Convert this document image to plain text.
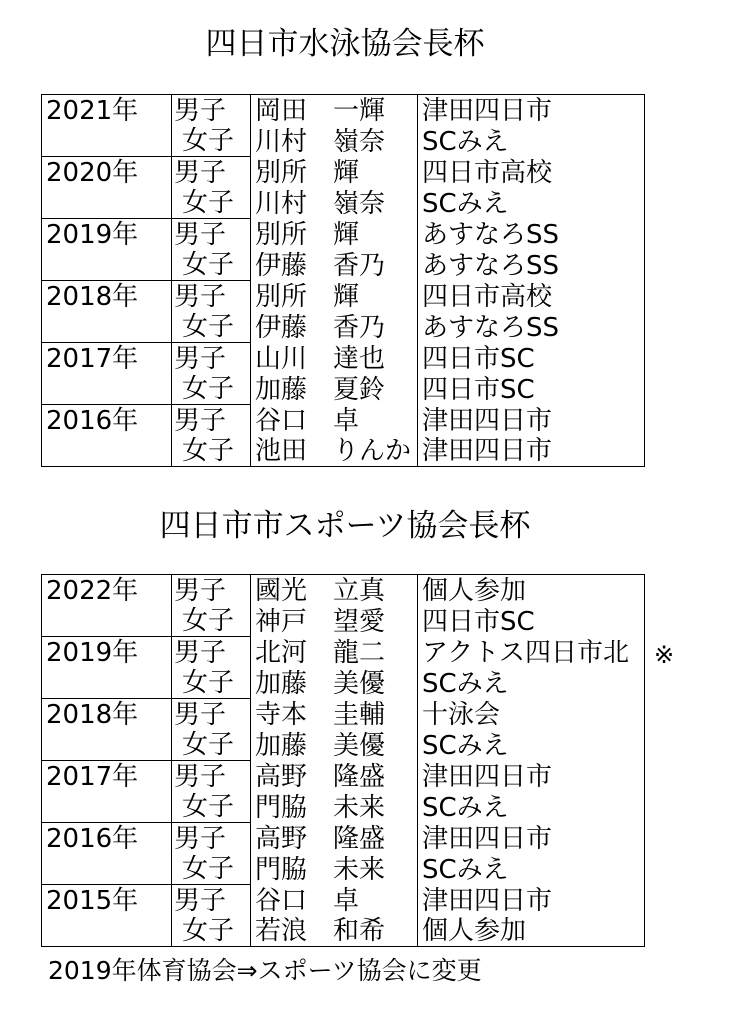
四日市水泳協会長杯
2021年	男子	岡田　一輝	津田四日市
	女子	川村　嶺奈	SCみえ
2020年	男子	別所　輝	四日市高校
	女子	川村　嶺奈	SCみえ
2019年	男子	別所　輝	あすなろSS
	女子	伊藤　香乃	あすなろSS
2018年	男子	別所　輝	四日市高校
	女子	伊藤　香乃	あすなろSS
2017年	男子	山川　達也	四日市SC
	女子	加藤　夏鈴	四日市SC
2016年	男子	谷口　卓	津田四日市
	女子	池田　りんか	津田四日市
四日市市スポーツ協会長杯
2022年	男子	國光　立真	個人参加
	女子	神戸　望愛	四日市SC
2019年	男子	北河　龍二	アクトス四日市北
	女子	加藤　美優	SCみえ
2018年	男子	寺本　圭輔	十泳会
	女子	加藤　美優	SCみえ
2017年	男子	高野　隆盛	津田四日市
	女子	門脇　未来	SCみえ
2016年	男子	高野　隆盛	津田四日市
	女子	門脇　未来	SCみえ
2015年	男子	谷口　卓	津田四日市
	女子	若浪　和希	個人参加
※
2019年体育協会⇒スポーツ協会に変更
